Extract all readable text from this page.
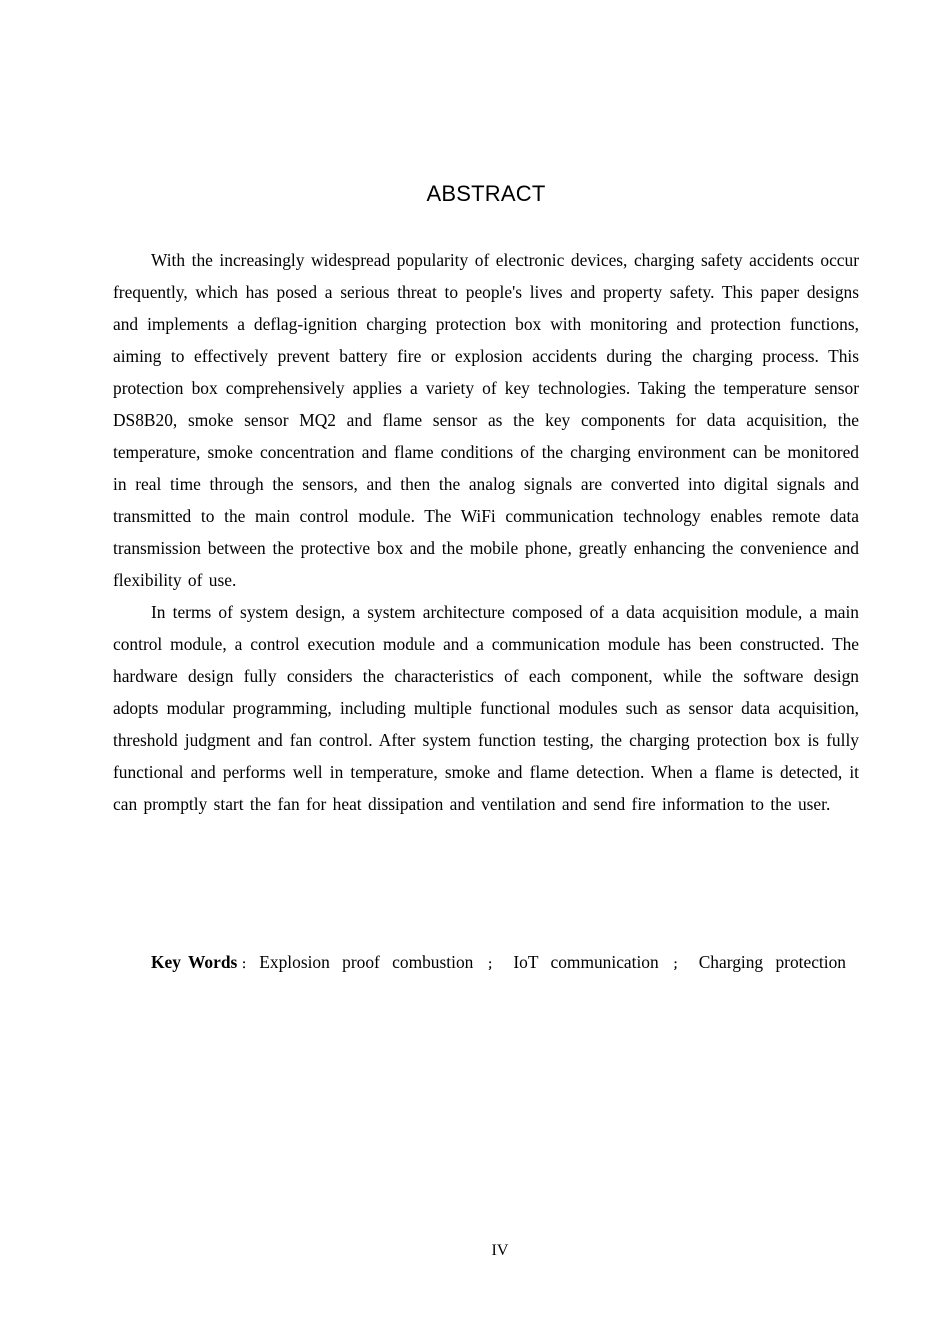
ABSTRACT

With the increasingly widespread popularity of electronic devices, charging safety accidents occur frequently, which has posed a serious threat to people's lives and property safety. This paper designs and implements a deflag-ignition charging protection box with monitoring and protection functions, aiming to effectively prevent battery fire or explosion accidents during the charging process. This protection box comprehensively applies a variety of key technologies. Taking the temperature sensor DS8B20, smoke sensor MQ2 and flame sensor as the key components for data acquisition, the temperature, smoke concentration and flame conditions of the charging environment can be monitored in real time through the sensors, and then the analog signals are converted into digital signals and transmitted to the main control module. The WiFi communication technology enables remote data transmission between the protective box and the mobile phone, greatly enhancing the convenience and flexibility of use.

In terms of system design, a system architecture composed of a data acquisition module, a main control module, a control execution module and a communication module has been constructed. The hardware design fully considers the characteristics of each component, while the software design adopts modular programming, including multiple functional modules such as sensor data acquisition, threshold judgment and fan control. After system function testing, the charging protection box is fully functional and performs well in temperature, smoke and flame detection. When a flame is detected, it can promptly start the fan for heat dissipation and ventilation and send fire information to the user.

Key Words ： Explosion proof combustion ； IoT communication ； Charging protection

IV
